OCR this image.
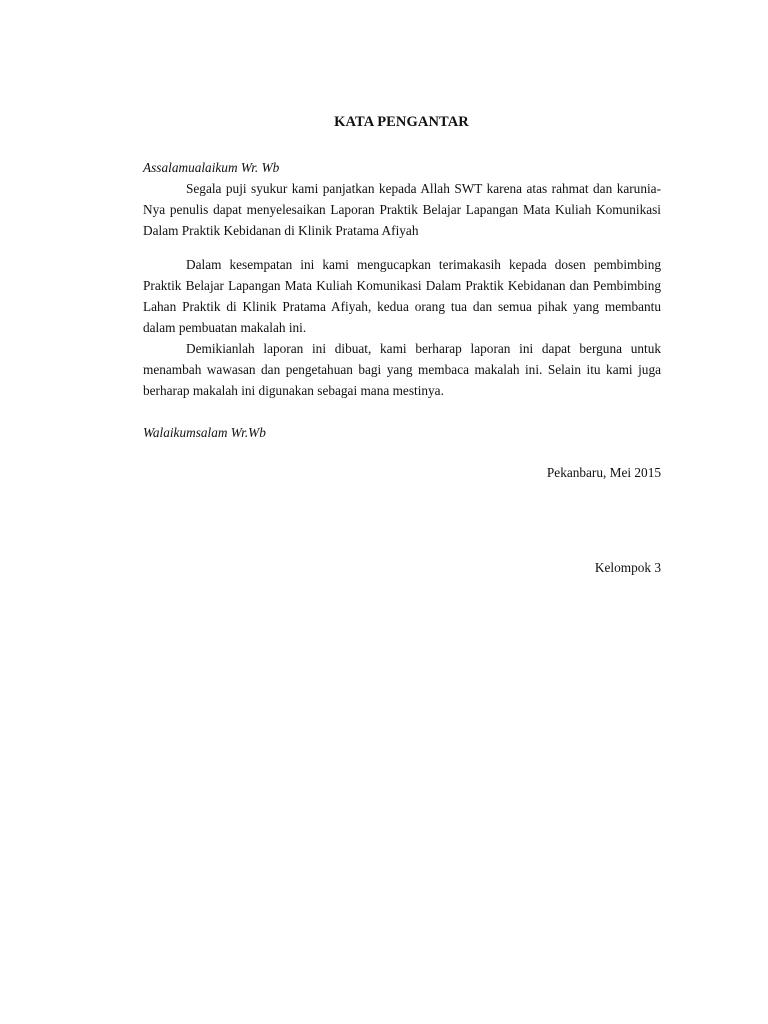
KATA PENGANTAR
Assalamualaikum Wr. Wb

Segala puji syukur kami panjatkan kepada Allah SWT karena atas rahmat dan karunia-Nya penulis dapat menyelesaikan Laporan Praktik Belajar Lapangan Mata Kuliah Komunikasi Dalam Praktik Kebidanan di Klinik Pratama Afiyah

Dalam kesempatan ini kami mengucapkan terimakasih kepada dosen pembimbing Praktik Belajar Lapangan Mata Kuliah Komunikasi Dalam Praktik Kebidanan dan Pembimbing Lahan Praktik di Klinik Pratama Afiyah, kedua orang tua dan semua pihak yang membantu dalam pembuatan makalah ini.

Demikianlah laporan ini dibuat, kami berharap laporan ini dapat berguna untuk menambah wawasan dan pengetahuan bagi yang membaca makalah ini. Selain itu kami juga berharap makalah ini digunakan sebagai mana mestinya.

Walaikumsalam Wr.Wb
Pekanbaru, Mei 2015
Kelompok 3
